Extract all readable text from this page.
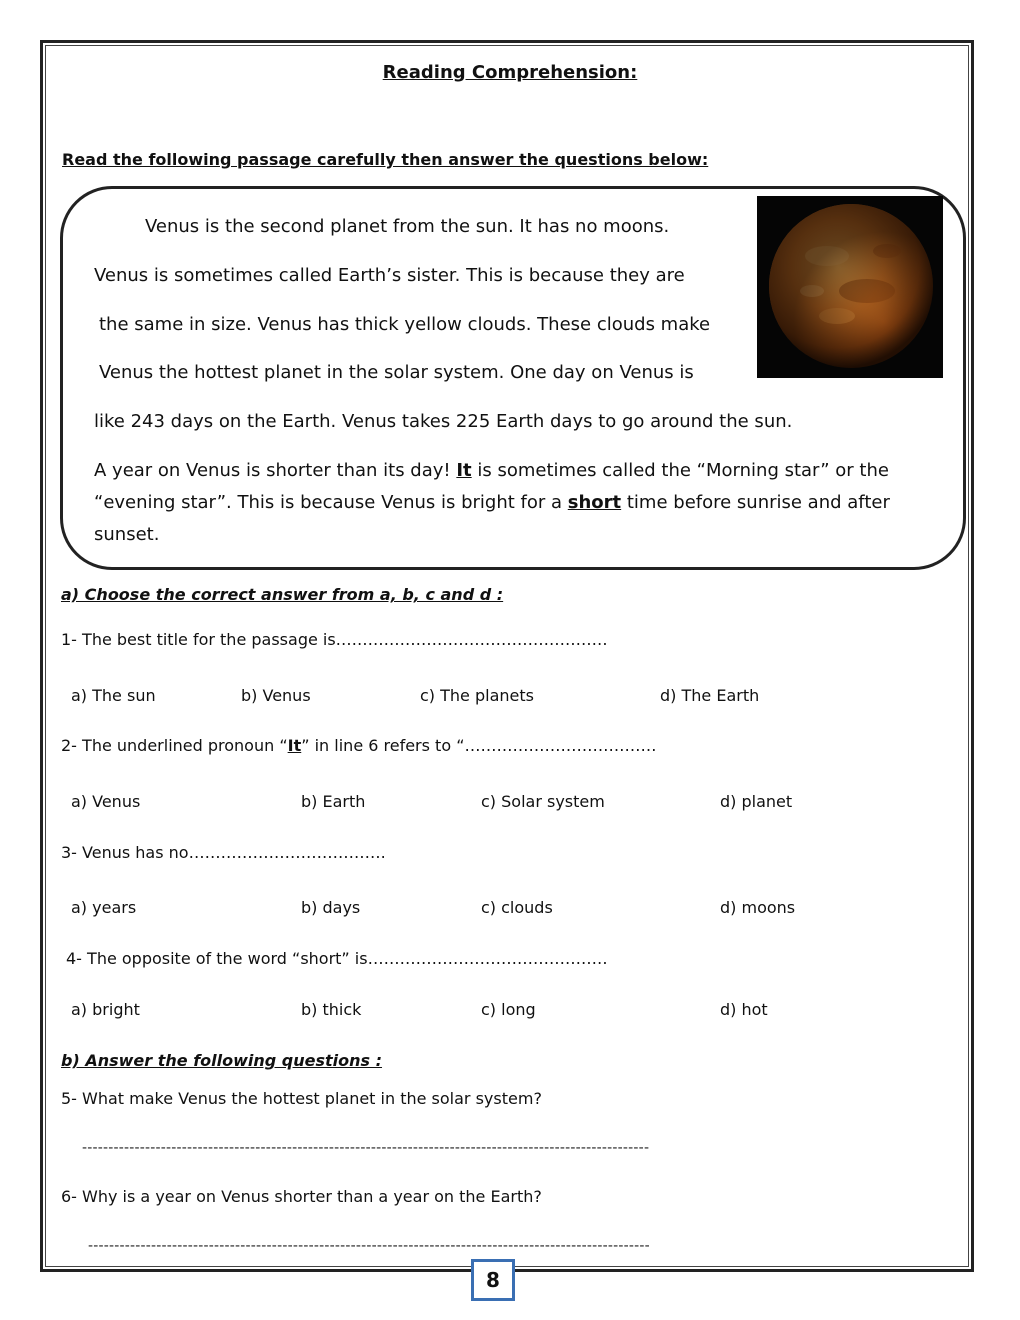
Reading Comprehension:
Read the following passage carefully then answer the questions below:
Venus is the second planet from the sun. It has no moons.
Venus is sometimes called Earth’s sister. This is because they are
the same in size. Venus has thick yellow clouds. These clouds make
Venus the hottest planet in the solar system. One day on Venus is
like 243 days on the Earth. Venus takes 225 Earth days to go around the sun.
A year on Venus is shorter than its day! It is sometimes called the “Morning star” or the
“evening star”. This is because Venus is bright for a short time before sunrise and after
sunset.
a) Choose the correct answer from a, b, c and d :
1- The best title for the passage is……………………………………………
a) The sun	b) Venus	c) The planets	d) The Earth
2- The underlined pronoun “It” in line 6 refers to “………………………………
a) Venus	b) Earth	c) Solar system	d) planet
3- Venus has no……………………………….
a) years	b) days	c) clouds	d) moons
4- The opposite of the word “short” is………………………………………
a) bright	b) thick	c) long	d) hot
b) Answer the following questions :
5- What make Venus the hottest planet in the solar system?
------------------------------------------------------------------------------------------------------------
6- Why is a year on Venus shorter than a year on the Earth?
-----------------------------------------------------------------------------------------------------------
8
